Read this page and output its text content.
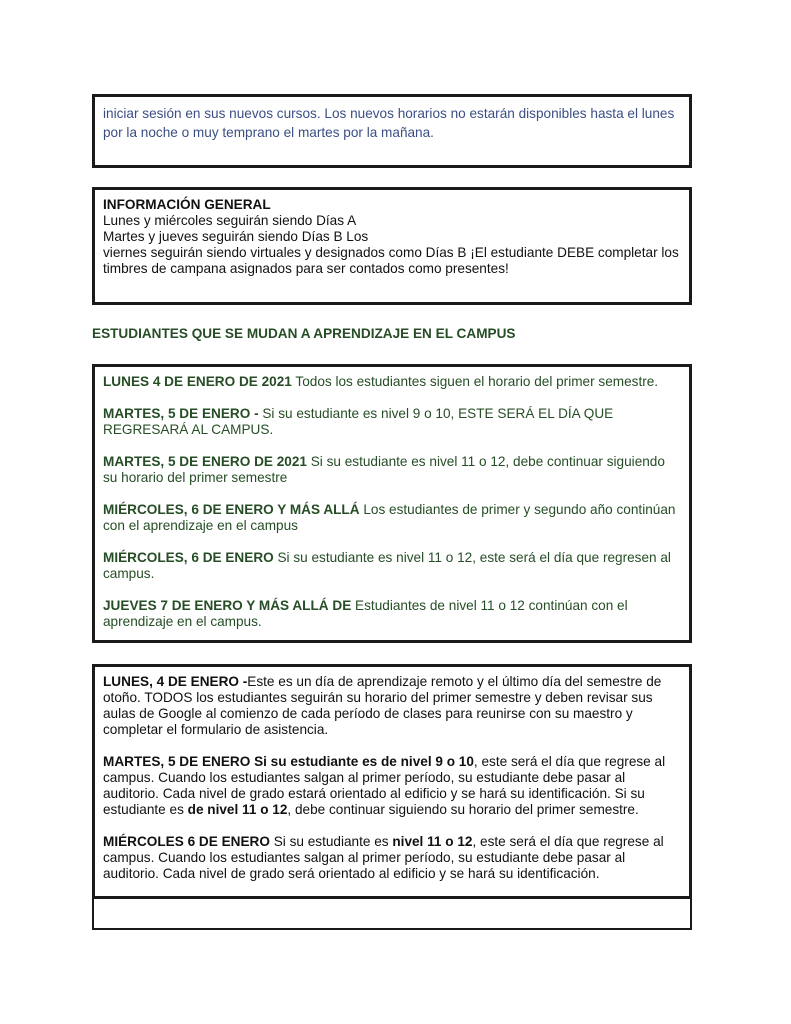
iniciar sesión en sus nuevos cursos. Los nuevos horarios no estarán disponibles hasta el lunes por la noche o muy temprano el martes por la mañana.

INFORMACIÓN GENERAL

Lunes y miércoles seguirán siendo Días A

Martes y jueves seguirán siendo Días B Los

viernes seguirán siendo virtuales y designados como Días B ¡El estudiante DEBE completar los timbres de campana asignados para ser contados como presentes!

ESTUDIANTES QUE SE MUDAN A APRENDIZAJE EN EL CAMPUS

LUNES 4 DE ENERO DE 2021 Todos los estudiantes siguen el horario del primer semestre.

MARTES, 5 DE ENERO - Si su estudiante es nivel 9 o 10, ESTE SERÁ EL DÍA QUE REGRESARÁ AL CAMPUS.

MARTES, 5 DE ENERO DE 2021 Si su estudiante es nivel 11 o 12, debe continuar siguiendo su horario del primer semestre

MIÉRCOLES, 6 DE ENERO Y MÁS ALLÁ Los estudiantes de primer y segundo año continúan con el aprendizaje en el campus

MIÉRCOLES, 6 DE ENERO Si su estudiante es nivel 11 o 12, este será el día que regresen al campus.

JUEVES 7 DE ENERO Y MÁS ALLÁ DE Estudiantes de nivel 11 o 12 continúan con el aprendizaje en el campus.

LUNES, 4 DE ENERO -Este es un día de aprendizaje remoto y el último día del semestre de otoño. TODOS los estudiantes seguirán su horario del primer semestre y deben revisar sus aulas de Google al comienzo de cada período de clases para reunirse con su maestro y completar el formulario de asistencia.

MARTES, 5 DE ENERO Si su estudiante es de nivel 9 o 10, este será el día que regrese al campus. Cuando los estudiantes salgan al primer período, su estudiante debe pasar al auditorio. Cada nivel de grado estará orientado al edificio y se hará su identificación. Si su estudiante es de nivel 11 o 12, debe continuar siguiendo su horario del primer semestre.

MIÉRCOLES 6 DE ENERO Si su estudiante es nivel 11 o 12, este será el día que regrese al campus. Cuando los estudiantes salgan al primer período, su estudiante debe pasar al auditorio. Cada nivel de grado será orientado al edificio y se hará su identificación.
